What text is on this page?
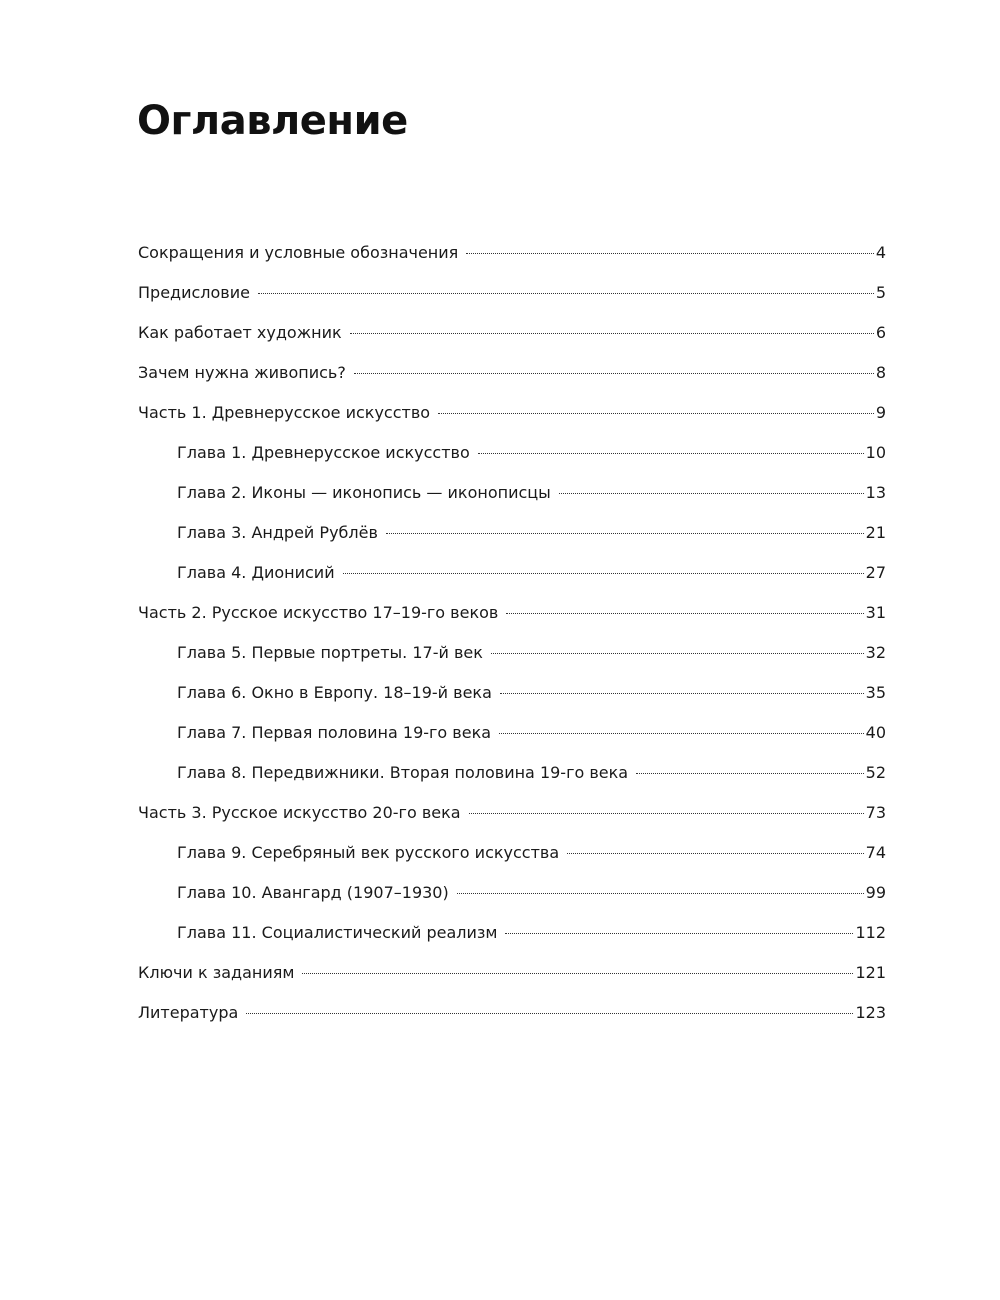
Оглавление
Сокращения и условные обозначения	4
Предисловие	5
Как работает художник	6
Зачем нужна живопись?	8
Часть 1. Древнерусское искусство	9
Глава 1. Древнерусское искусство	10
Глава 2. Иконы — иконопись — иконописцы	13
Глава 3. Андрей Рублёв	21
Глава 4. Дионисий	27
Часть 2. Русское искусство 17–19-го веков	31
Глава 5. Первые портреты. 17-й век	32
Глава 6. Окно в Европу. 18–19-й века	35
Глава 7. Первая половина 19-го века	40
Глава 8. Передвижники. Вторая половина 19-го века	52
Часть 3. Русское искусство 20-го века	73
Глава 9. Серебряный век русского искусства	74
Глава 10. Авангард (1907–1930)	99
Глава 11. Социалистический реализм	112
Ключи к заданиям	121
Литература	123
